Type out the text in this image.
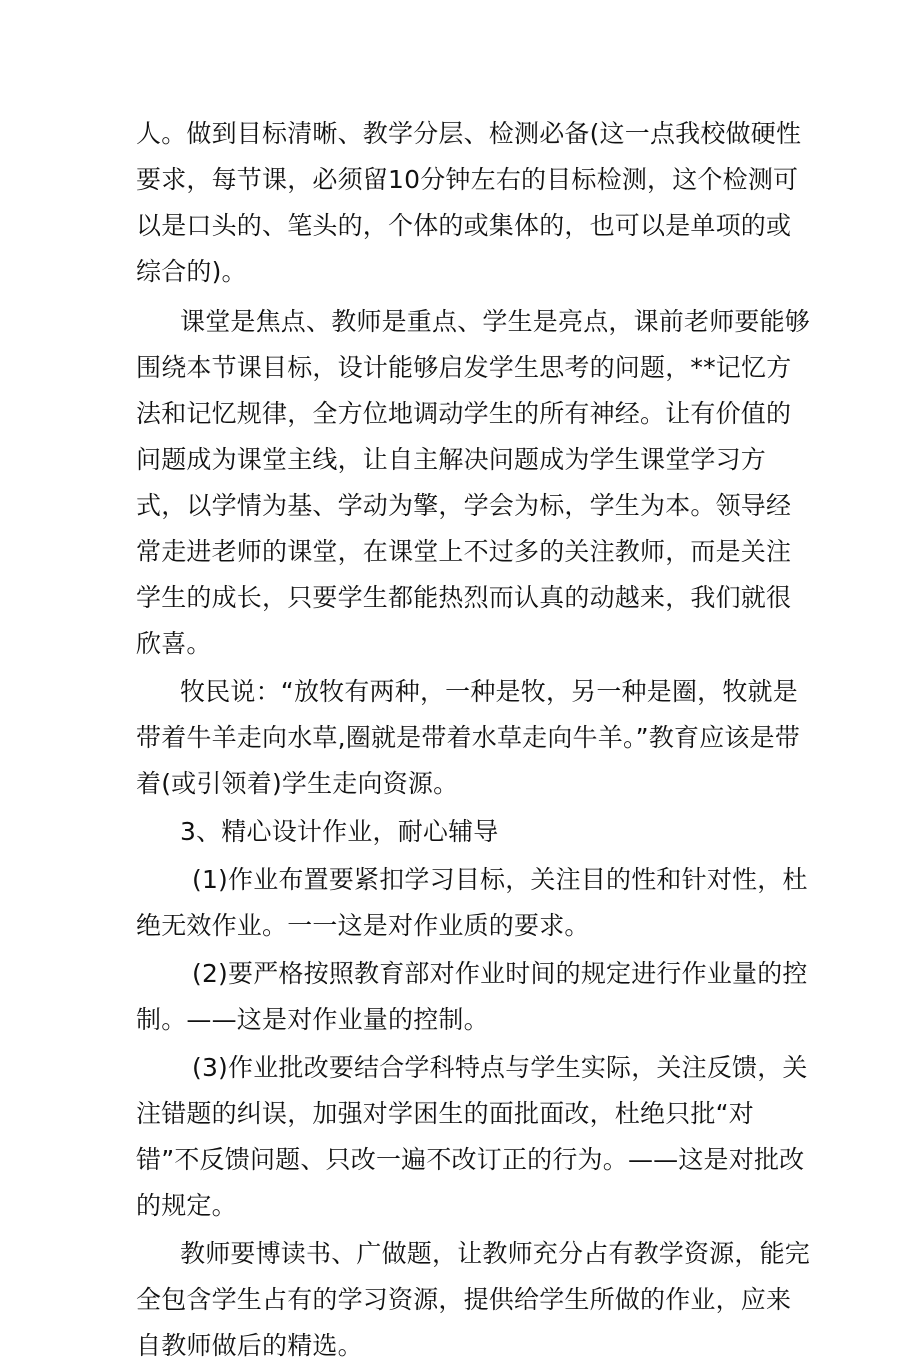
人。做到目标清晰、教学分层、检测必备(这一点我校做硬性要求，每节课，必须留10分钟左右的目标检测，这个检测可以是口头的、笔头的，个体的或集体的，也可以是单项的或综合的)。

课堂是焦点、教师是重点、学生是亮点，课前老师要能够围绕本节课目标，设计能够启发学生思考的问题，**记忆方法和记忆规律，全方位地调动学生的所有神经。让有价值的问题成为课堂主线，让自主解决问题成为学生课堂学习方式，以学情为基、学动为擎，学会为标，学生为本。领导经常走进老师的课堂，在课堂上不过多的关注教师，而是关注学生的成长，只要学生都能热烈而认真的动越来，我们就很欣喜。

牧民说：“放牧有两种，一种是牧，另一种是圈，牧就是带着牛羊走向水草,圈就是带着水草走向牛羊。”教育应该是带着(或引领着)学生走向资源。

3、精心设计作业，耐心辅导

(1)作业布置要紧扣学习目标，关注目的性和针对性，杜绝无效作业。一一这是对作业质的要求。

(2)要严格按照教育部对作业时间的规定进行作业量的控制。——这是对作业量的控制。

(3)作业批改要结合学科特点与学生实际，关注反馈，关注错题的纠误，加强对学困生的面批面改，杜绝只批“对错”不反馈问题、只改一遍不改订正的行为。——这是对批改的规定。

教师要博读书、广做题，让教师充分占有教学资源，能完全包含学生占有的学习资源，提供给学生所做的作业，应来自教师做后的精选。
